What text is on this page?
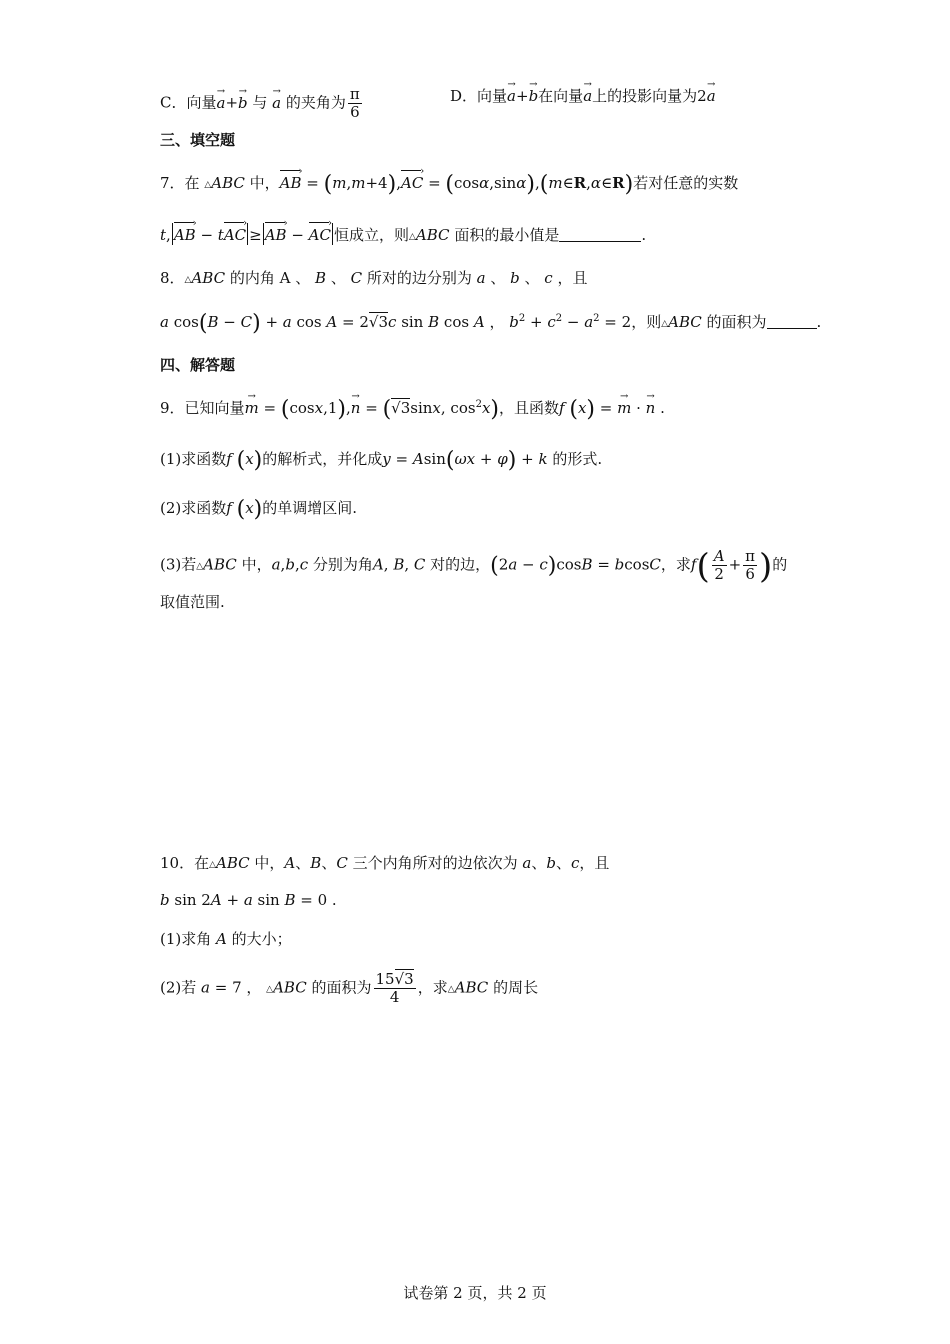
C．向量→ a+→ b 与 → a 的夹角为 $\frac{\pi}{6}$	D．向量→ a+→ b在向量→ a上的投影向量为2→ a
三、填空题
7．在 △ABC 中，AB › = (m,m+4),AC › = (cosα,sinα),(m∈R,α∈R)若对任意的实数
t, AB › − tAC › ≥ AB › − AC › 恒成立，则△ABC 面积的最小值是	.
8．△ABC 的内角 A 、 B 、 C 所对的边分别为 a 、 b 、 c ，且
a cos(B − C) + a cos A = 2√3c sin B cos A ， $b^2 + c^2 - a^2 = 2$，则△ABC 的面积为	.
四、解答题
9．已知向量→ m = (cosx,1),→ n = (√3sinx, $\cos^2x$)，且函数f (x) = → m · → n .
(1)求函数f (x)的解析式，并化成y = Asin(ωx + φ) + k 的形式.
(2)求函数f (x)的单调增区间.
(3)若△ABC 中，a,b,c 分别为角A, B, C 对的边，(2a − c)cosB = bcosC，求$f( \frac{A}{2} + \frac{\pi}{6}$ )的
取值范围.
10．在△ABC 中，A、B、C 三个内角所对的边依次为 a、b、c，且
b sin 2A + a sin B = 0 .
(1)求角 A 的大小；
(2)若 a = 7 ， △ABC 的面积为 $\frac{15√3}{4}$ ，求△ABC 的周长
试卷第 2 页，共 2 页
